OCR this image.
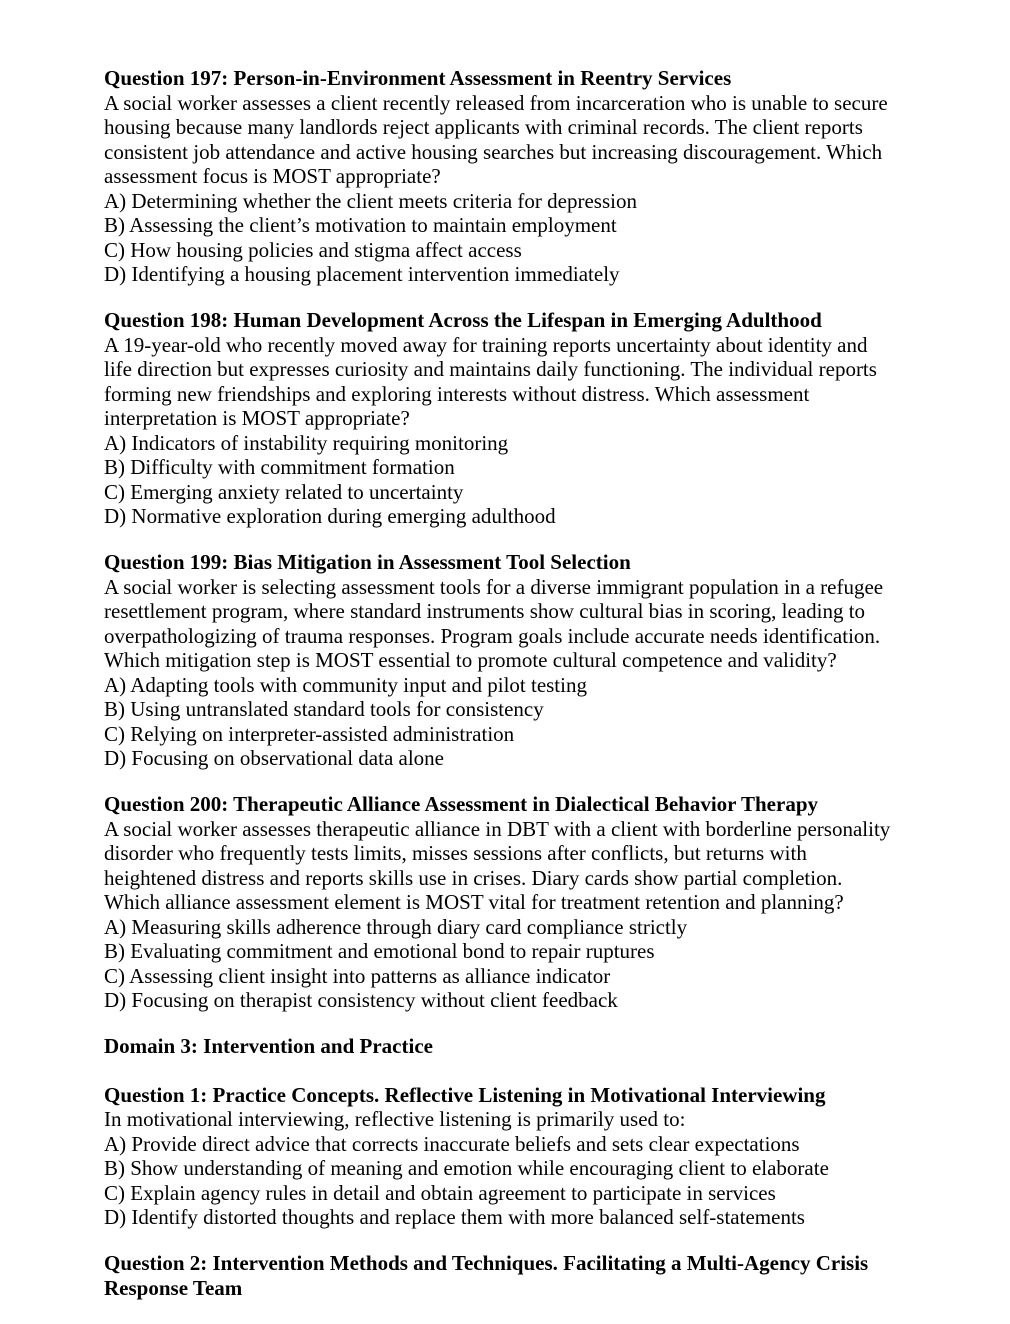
Question 197: Person-in-Environment Assessment in Reentry Services
A social worker assesses a client recently released from incarceration who is unable to secure
housing because many landlords reject applicants with criminal records. The client reports
consistent job attendance and active housing searches but increasing discouragement. Which
assessment focus is MOST appropriate?
A) Determining whether the client meets criteria for depression
B) Assessing the client’s motivation to maintain employment
C) How housing policies and stigma affect access
D) Identifying a housing placement intervention immediately
Question 198: Human Development Across the Lifespan in Emerging Adulthood
A 19-year-old who recently moved away for training reports uncertainty about identity and
life direction but expresses curiosity and maintains daily functioning. The individual reports
forming new friendships and exploring interests without distress. Which assessment
interpretation is MOST appropriate?
A) Indicators of instability requiring monitoring
B) Difficulty with commitment formation
C) Emerging anxiety related to uncertainty
D) Normative exploration during emerging adulthood
Question 199: Bias Mitigation in Assessment Tool Selection
A social worker is selecting assessment tools for a diverse immigrant population in a refugee
resettlement program, where standard instruments show cultural bias in scoring, leading to
overpathologizing of trauma responses. Program goals include accurate needs identification.
Which mitigation step is MOST essential to promote cultural competence and validity?
A) Adapting tools with community input and pilot testing
B) Using untranslated standard tools for consistency
C) Relying on interpreter-assisted administration
D) Focusing on observational data alone
Question 200: Therapeutic Alliance Assessment in Dialectical Behavior Therapy
A social worker assesses therapeutic alliance in DBT with a client with borderline personality
disorder who frequently tests limits, misses sessions after conflicts, but returns with
heightened distress and reports skills use in crises. Diary cards show partial completion.
Which alliance assessment element is MOST vital for treatment retention and planning?
A) Measuring skills adherence through diary card compliance strictly
B) Evaluating commitment and emotional bond to repair ruptures
C) Assessing client insight into patterns as alliance indicator
D) Focusing on therapist consistency without client feedback
Domain 3: Intervention and Practice
Question 1: Practice Concepts. Reflective Listening in Motivational Interviewing
In motivational interviewing, reflective listening is primarily used to:
A) Provide direct advice that corrects inaccurate beliefs and sets clear expectations
B) Show understanding of meaning and emotion while encouraging client to elaborate
C) Explain agency rules in detail and obtain agreement to participate in services
D) Identify distorted thoughts and replace them with more balanced self-statements
Question 2: Intervention Methods and Techniques. Facilitating a Multi-Agency Crisis
Response Team
